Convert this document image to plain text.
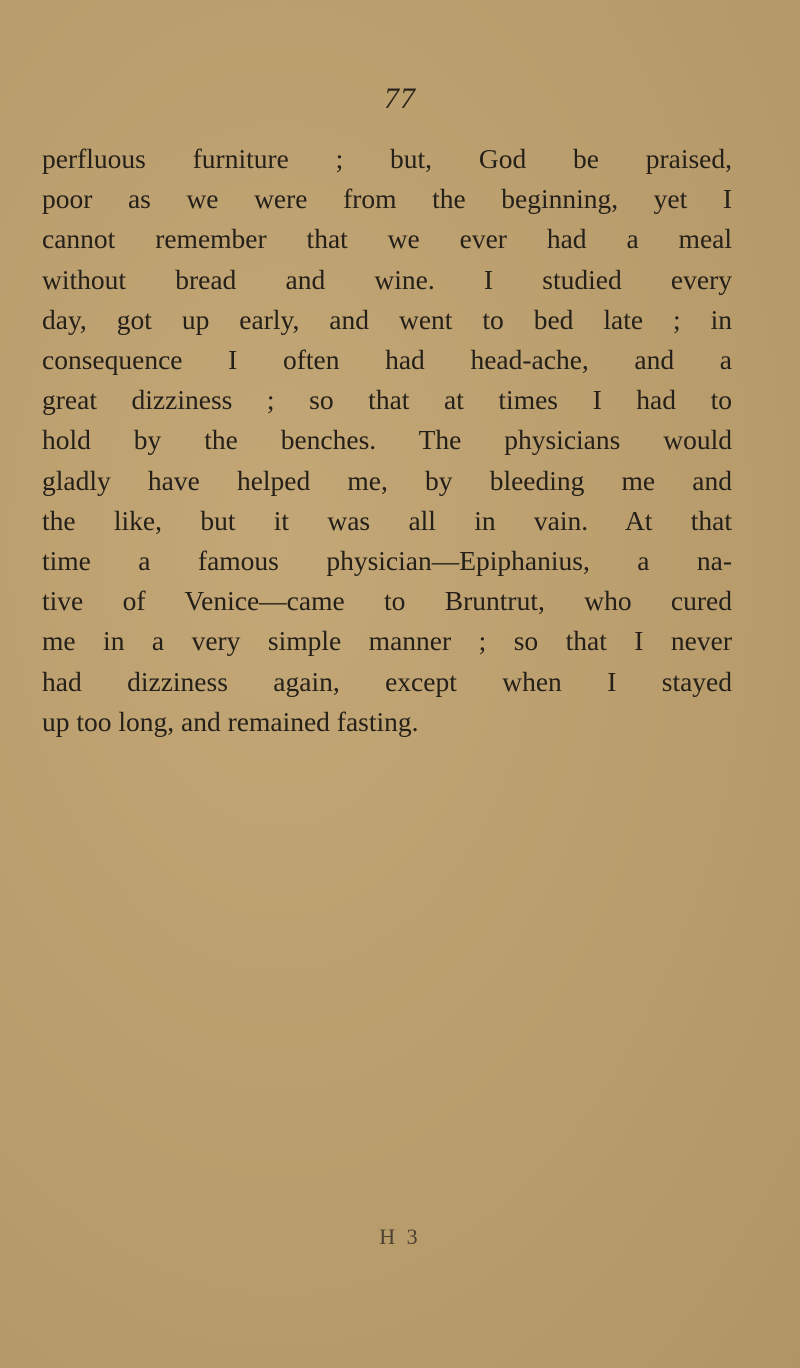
77
perfluous furniture ; but, God be praised,
poor as we were from the beginning, yet I
cannot remember that we ever had a meal
without bread and wine. I studied every
day, got up early, and went to bed late ; in
consequence I often had head-ache, and a
great dizziness ; so that at times I had to
hold by the benches. The physicians would
gladly have helped me, by bleeding me and
the like, but it was all in vain. At that
time a famous physician—Epiphanius, a na-
tive of Venice—came to Bruntrut, who cured
me in a very simple manner ; so that I never
had dizziness again, except when I stayed
up too long, and remained fasting.
H 3
